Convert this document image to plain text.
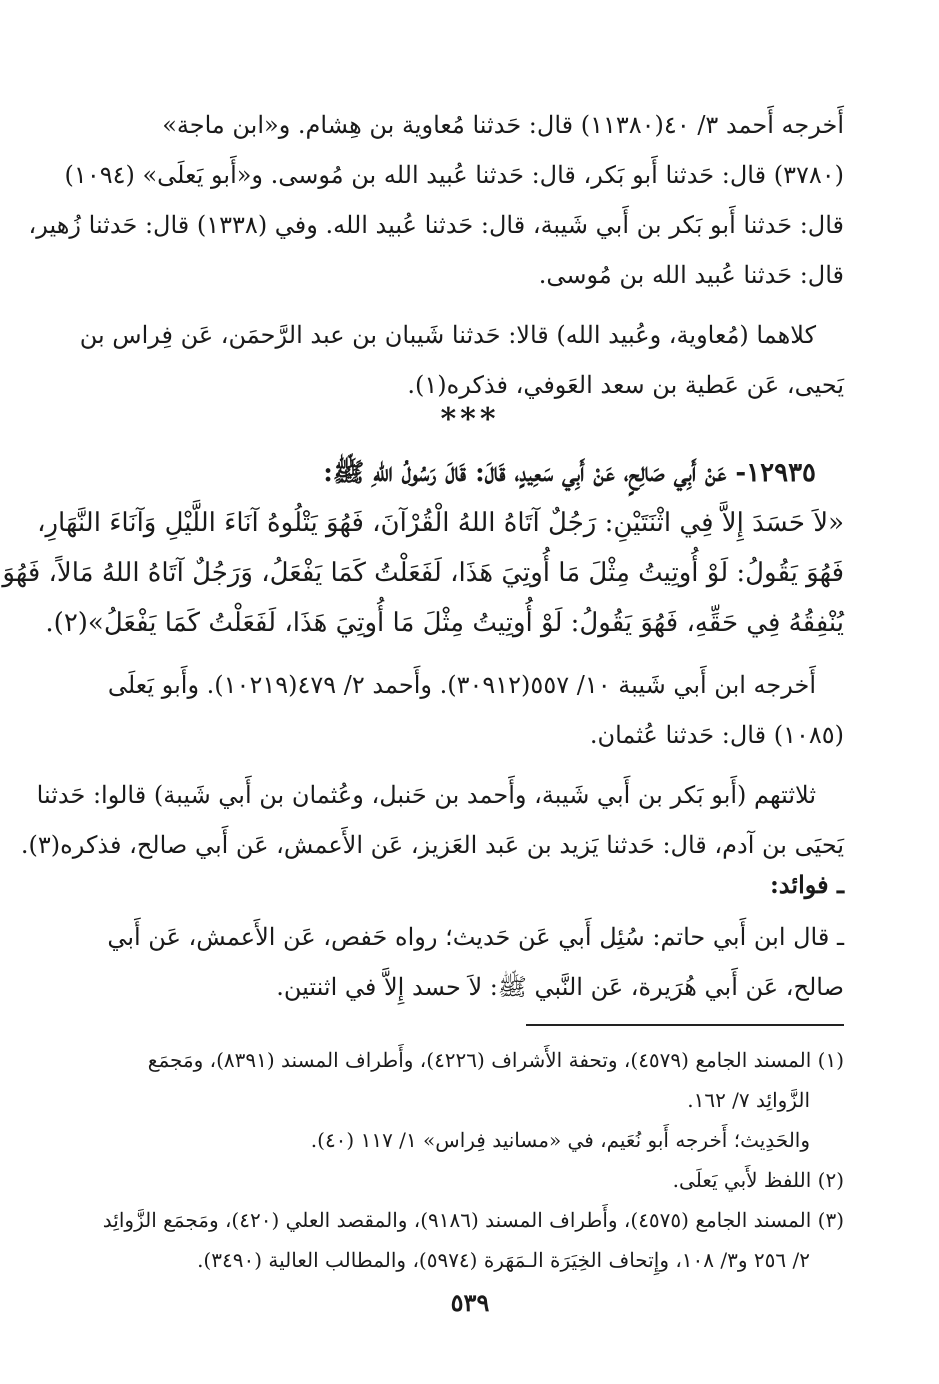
أَخرجه أَحمد ٣/ ٤٠(١١٣٨٠) قال: حَدثنا مُعاوية بن هِشام. و«ابن ماجة»
(٣٧٨٠) قال: حَدثنا أَبو بَكر، قال: حَدثنا عُبيد الله بن مُوسى. و«أَبو يَعلَى» (١٠٩٤)
قال: حَدثنا أَبو بَكر بن أَبي شَيبة، قال: حَدثنا عُبيد الله. وفي (١٣٣٨) قال: حَدثنا زُهير،
قال: حَدثنا عُبيد الله بن مُوسى.
كلاهما (مُعاوية، وعُبيد الله) قالا: حَدثنا شَيبان بن عبد الرَّحمَن، عَن فِراس بن
يَحيى، عَن عَطية بن سعد العَوفي، فذكره(١).
***
١٢٩٣٥- عَنْ أَبِي صَالِحٍ، عَنْ أَبِي سَعِيدٍ، قَالَ: قَالَ رَسُولُ اللهِ ﷺ:
«لاَ حَسَدَ إِلاَّ فِي اثْنَتَيْنِ: رَجُلٌ آتَاهُ اللهُ الْقُرْآنَ، فَهُوَ يَتْلُوهُ آنَاءَ اللَّيْلِ وَآنَاءَ النَّهَارِ،
فَهُوَ يَقُولُ: لَوْ أُوتِيتُ مِثْلَ مَا أُوتِيَ هَذَا، لَفَعَلْتُ كَمَا يَفْعَلُ، وَرَجُلٌ آتَاهُ اللهُ مَالاً، فَهُوَ
يُنْفِقُهُ فِي حَقِّهِ، فَهُوَ يَقُولُ: لَوْ أُوتِيتُ مِثْلَ مَا أُوتِيَ هَذَا، لَفَعَلْتُ كَمَا يَفْعَلُ»(٢).
أَخرجه ابن أَبي شَيبة ١٠/ ٥٥٧(٣٠٩١٢). وأَحمد ٢/ ٤٧٩(١٠٢١٩). وأَبو يَعلَى
(١٠٨٥) قال: حَدثنا عُثمان.
ثلاثتهم (أَبو بَكر بن أَبي شَيبة، وأَحمد بن حَنبل، وعُثمان بن أَبي شَيبة) قالوا: حَدثنا
يَحيَى بن آدم، قال: حَدثنا يَزيد بن عَبد العَزيز، عَن الأَعمش، عَن أَبي صالح، فذكره(٣).
ـ فوائد:
ـ قال ابن أَبي حاتم: سُئِل أَبي عَن حَديث؛ رواه حَفص، عَن الأَعمش، عَن أَبي
صالح، عَن أَبي هُرَيرة، عَن النَّبي ﷺ: لاَ حسد إِلاَّ في اثنتين.
(١) المسند الجامع (٤٥٧٩)، وتحفة الأَشراف (٤٢٢٦)، وأَطراف المسند (٨٣٩١)، ومَجمَع
الزَّوائِد ٧/ ١٦٢.
والحَدِيث؛ أَخرجه أَبو نُعَيم، في «مسانيد فِراس» ١/ ١١٧ (٤٠).
(٢) اللفظ لأَبي يَعلَى.
(٣) المسند الجامع (٤٥٧٥)، وأَطراف المسند (٩١٨٦)، والمقصد العلي (٤٢٠)، ومَجمَع الزَّوائِد
٢/ ٢٥٦ و٣/ ١٠٨، وإِتحاف الخِيَرَة الـمَهَرة (٥٩٧٤)، والمطالب العالية (٣٤٩٠).
٥٣٩
